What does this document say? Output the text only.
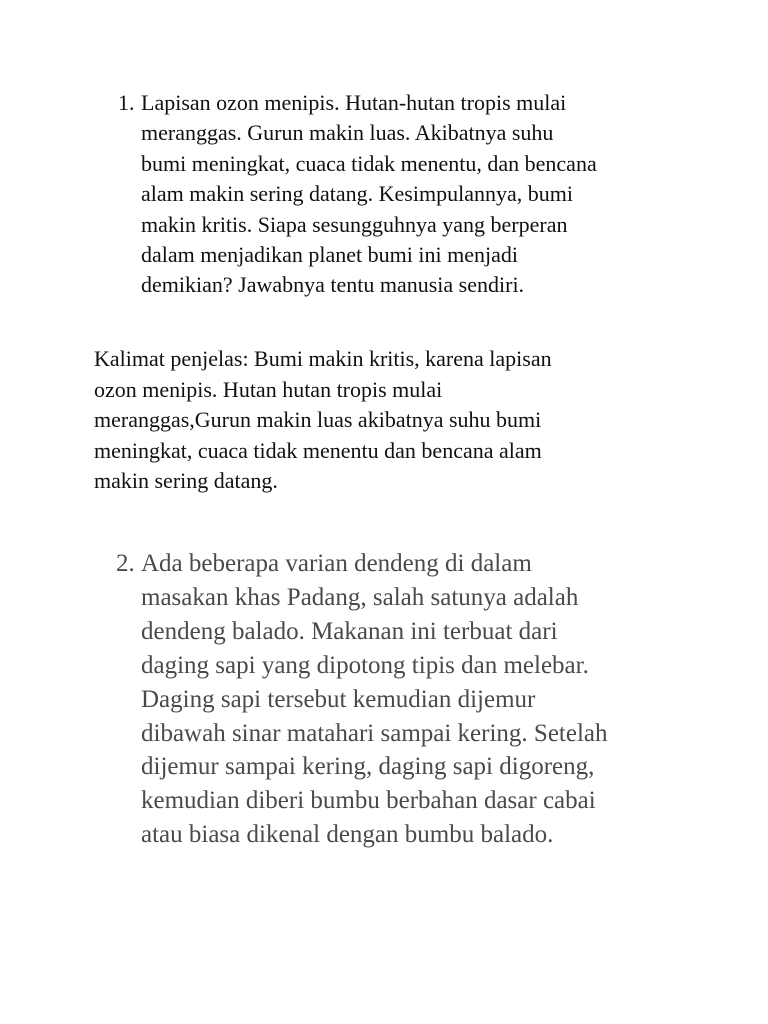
1. Lapisan ozon menipis. Hutan-hutan tropis mulai
meranggas. Gurun makin luas. Akibatnya suhu
bumi meningkat, cuaca tidak menentu, dan bencana
alam makin sering datang. Kesimpulannya, bumi
makin kritis. Siapa sesungguhnya yang berperan
dalam menjadikan planet bumi ini menjadi
demikian? Jawabnya tentu manusia sendiri.
Kalimat penjelas: Bumi makin kritis, karena lapisan
ozon menipis. Hutan hutan tropis mulai
meranggas,Gurun makin luas akibatnya suhu bumi
meningkat, cuaca tidak menentu dan bencana alam
makin sering datang.
2. Ada beberapa varian dendeng di dalam
masakan khas Padang, salah satunya adalah
dendeng balado. Makanan ini terbuat dari
daging sapi yang dipotong tipis dan melebar.
Daging sapi tersebut kemudian dijemur
dibawah sinar matahari sampai kering. Setelah
dijemur sampai kering, daging sapi digoreng,
kemudian diberi bumbu berbahan dasar cabai
atau biasa dikenal dengan bumbu balado.
